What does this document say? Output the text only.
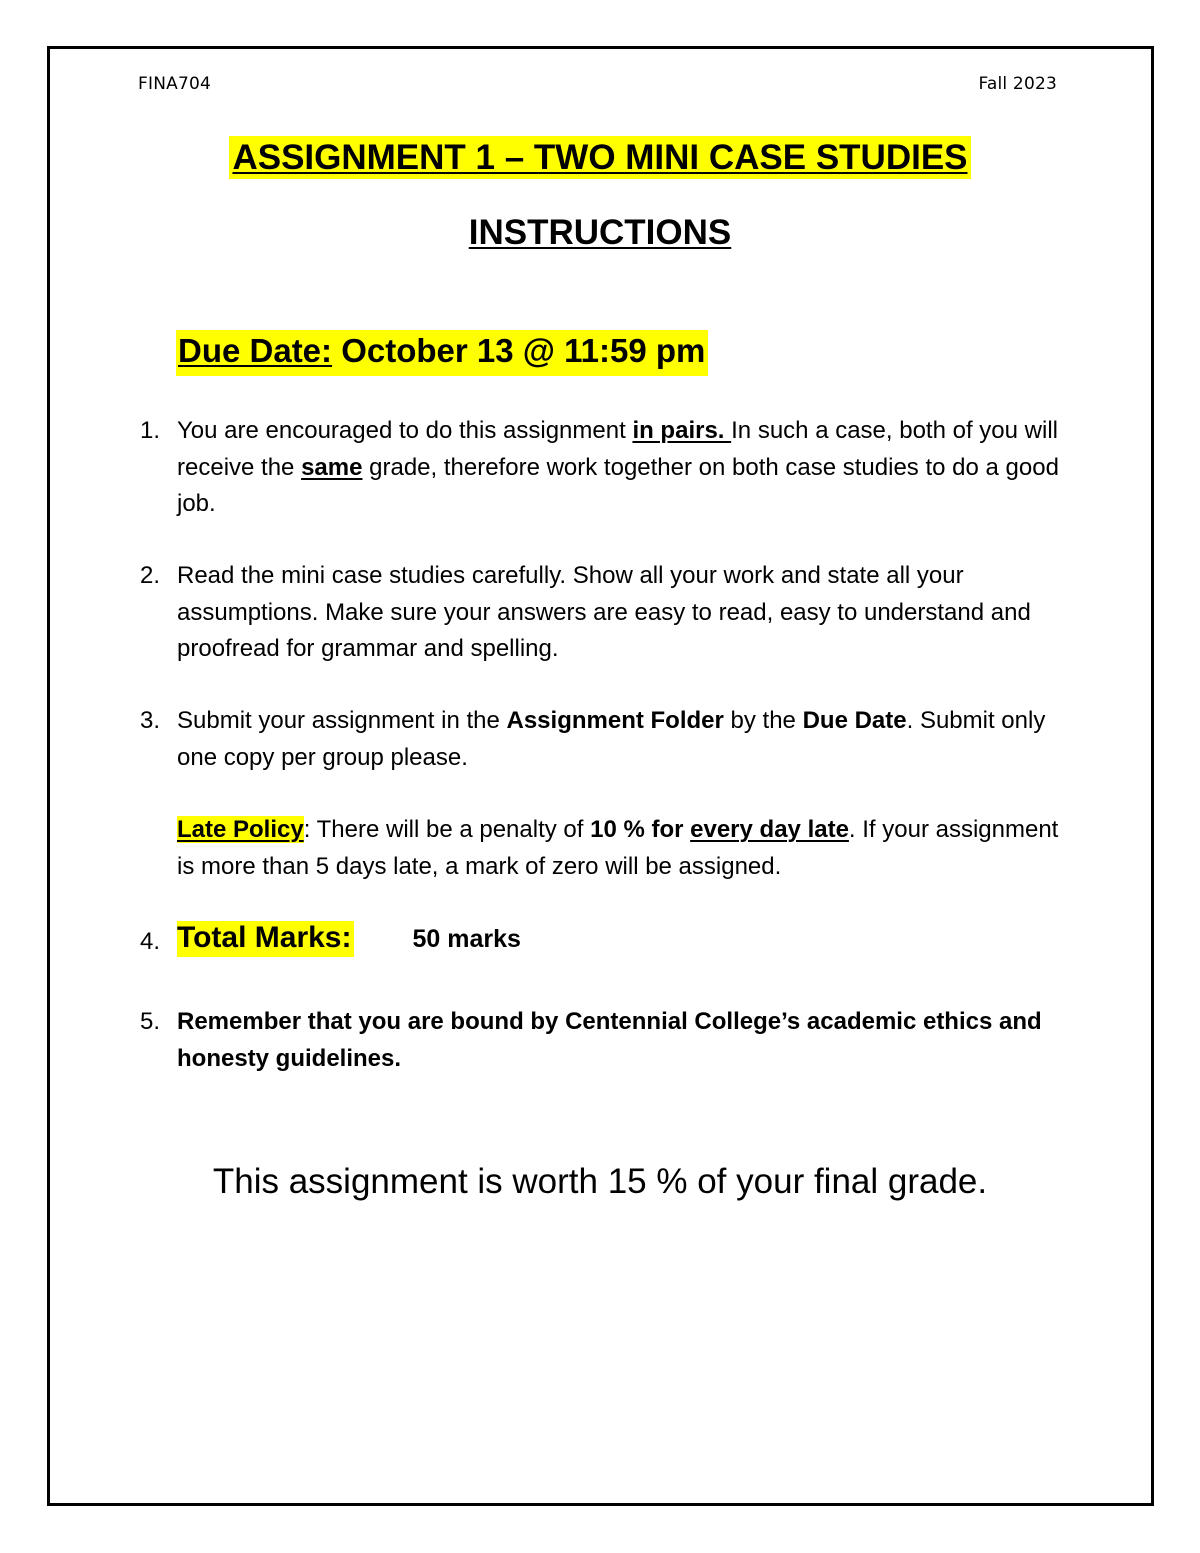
FINA704	Fall 2023
ASSIGNMENT 1 – TWO MINI CASE STUDIES
INSTRUCTIONS
Due Date: October 13 @ 11:59 pm
1. You are encouraged to do this assignment in pairs. In such a case, both of you will receive the same grade, therefore work together on both case studies to do a good job.
2. Read the mini case studies carefully. Show all your work and state all your assumptions. Make sure your answers are easy to read, easy to understand and proofread for grammar and spelling.
3. Submit your assignment in the Assignment Folder by the Due Date. Submit only one copy per group please.
Late Policy: There will be a penalty of 10 % for every day late. If your assignment is more than 5 days late, a mark of zero will be assigned.
4. Total Marks: 50 marks
5. Remember that you are bound by Centennial College’s academic ethics and honesty guidelines.
This assignment is worth 15 % of your final grade.
